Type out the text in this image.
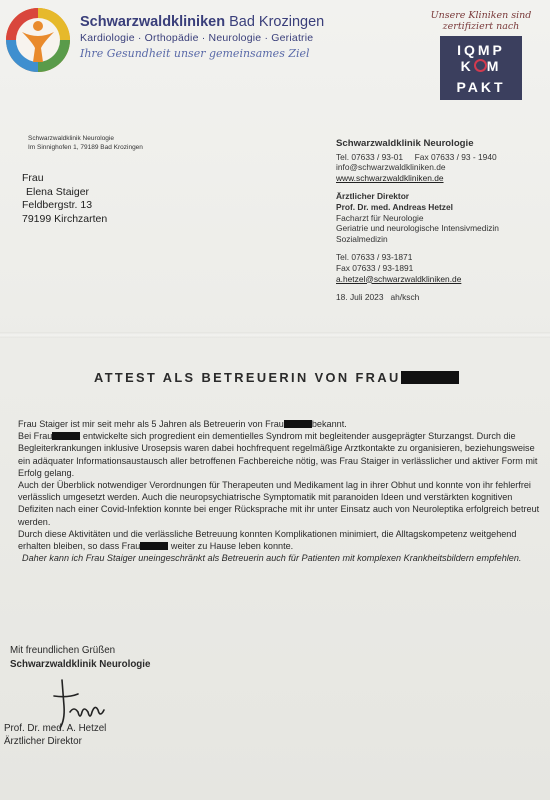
Schwarzwaldkliniken Bad Krozingen
Kardiologie · Orthopädie · Neurologie · Geriatrie
Ihre Gesundheit unser gemeinsames Ziel
Unsere Kliniken sind zertifiziert nach
IQMP
K M
PAKT
Schwarzwaldklinik Neurologie
Im Sinnighofen 1, 79189 Bad Krozingen
Frau
Elena Staiger
Feldbergstr. 13
79199 Kirchzarten
Schwarzwaldklinik Neurologie
Tel. 07633 / 93-01     Fax 07633 / 93 - 1940
info@schwarzwaldkliniken.de
www.schwarzwaldkliniken.de
Ärztlicher Direktor
Prof. Dr. med. Andreas Hetzel
Facharzt für Neurologie
Geriatrie und neurologische Intensivmedizin
Sozialmedizin
Tel. 07633 / 93-1871
Fax 07633 / 93-1891
a.hetzel@schwarzwaldkliniken.de
18. Juli 2023   ah/ksch
ATTEST ALS BETREUERIN VON FRAU

Frau Staiger ist mir seit mehr als 5 Jahren als Betreuerin von Frau	bekannt.

Bei Frau	entwickelte sich progredient ein dementielles Syndrom mit begleitender ausgeprägter Sturzangst. Durch die Begleiterkrankungen inklusive Urosepsis waren dabei hochfrequent regelmäßige Arztkontakte zu organisieren, beziehungsweise ein adäquater Informationsaustausch aller betroffenen Fachbereiche nötig, was Frau Staiger in verlässlicher und aktiver Form mit Erfolg gelang.

Auch der Überblick notwendiger Verordnungen für Therapeuten und Medikament lag in ihrer Obhut und konnte von ihr fehlerfrei verlässlich umgesetzt werden. Auch die neuropsychiatrische Symptomatik mit paranoiden Ideen und verstärkten kognitiven Defiziten nach einer Covid-Infektion konnte bei enger Rücksprache mit ihr unter Einsatz auch von Neuroleptika erfolgreich betreut werden.

Durch diese Aktivitäten und die verlässliche Betreuung konnten Komplikationen minimiert, die Alltagskompetenz weitgehend erhalten bleiben, so dass Frau	weiter zu Hause leben konnte.

Daher kann ich Frau Staiger uneingeschränkt als Betreuerin auch für Patienten mit komplexen Krankheitsbildern empfehlen.

Mit freundlichen Grüßen
Schwarzwaldklinik Neurologie
Prof. Dr. med. A. Hetzel
Ärztlicher Direktor
